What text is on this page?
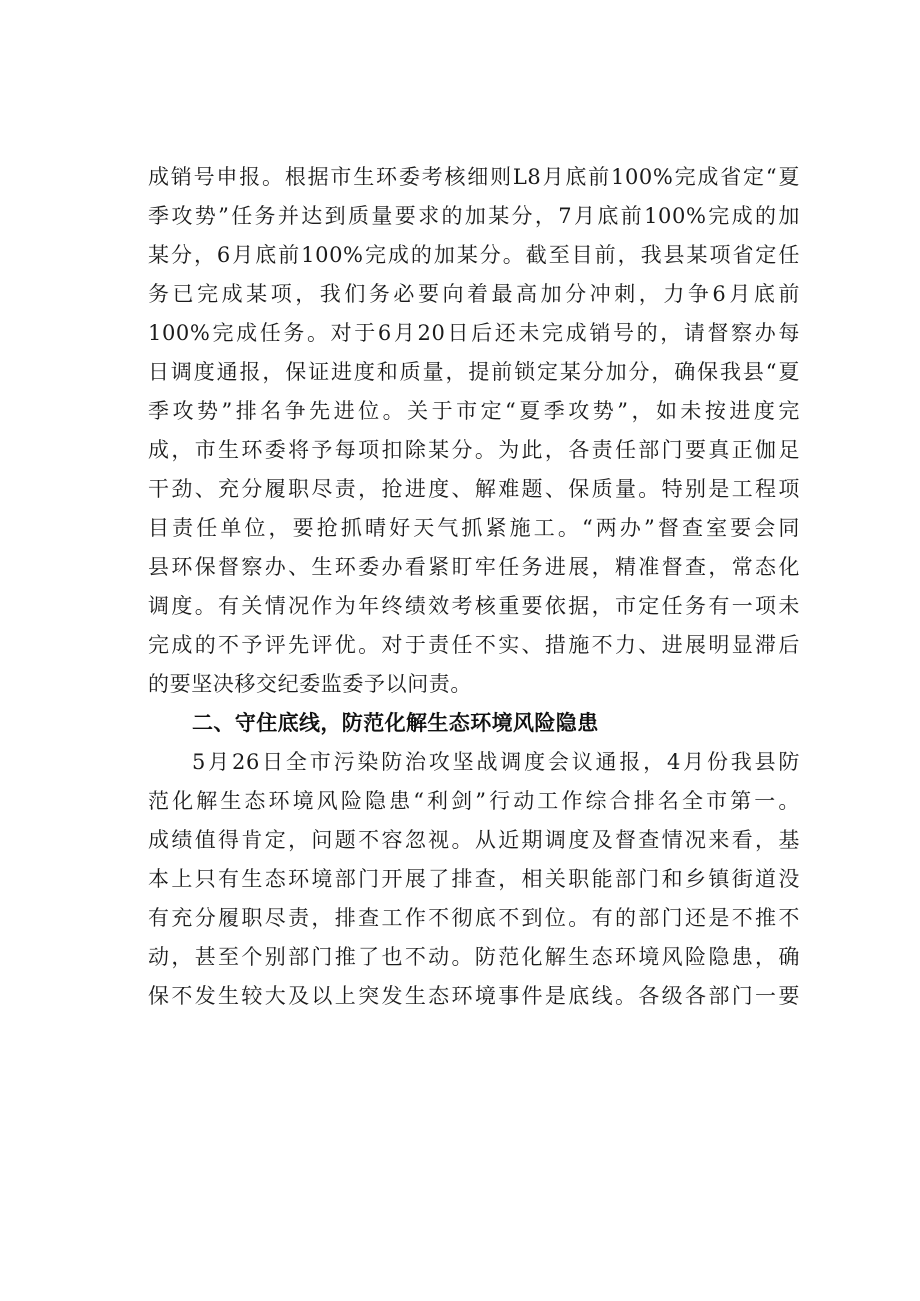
成销号申报。根据市生环委考核细则L8月底前100%完成省定“夏
季攻势”任务并达到质量要求的加某分，7月底前100%完成的加
某分，6月底前100%完成的加某分。截至目前，我县某项省定任
务已完成某项，我们务必要向着最高加分冲刺，力争6月底前
100%完成任务。对于6月20日后还未完成销号的，请督察办每
日调度通报，保证进度和质量，提前锁定某分加分，确保我县“夏
季攻势”排名争先进位。关于市定“夏季攻势”，如未按进度完
成，市生环委将予每项扣除某分。为此，各责任部门要真正伽足
干劲、充分履职尽责，抢进度、解难题、保质量。特别是工程项
目责任单位，要抢抓晴好天气抓紧施工。“两办”督查室要会同
县环保督察办、生环委办看紧盯牢任务进展，精准督查，常态化
调度。有关情况作为年终绩效考核重要依据，市定任务有一项未
完成的不予评先评优。对于责任不实、措施不力、进展明显滞后
的要坚决移交纪委监委予以问责。
二、守住底线，防范化解生态环境风险隐患
5月26日全市污染防治攻坚战调度会议通报，4月份我县防
范化解生态环境风险隐患“利剑”行动工作综合排名全市第一。
成绩值得肯定，问题不容忽视。从近期调度及督查情况来看，基
本上只有生态环境部门开展了排查，相关职能部门和乡镇街道没
有充分履职尽责，排查工作不彻底不到位。有的部门还是不推不
动，甚至个别部门推了也不动。防范化解生态环境风险隐患，确
保不发生较大及以上突发生态环境事件是底线。各级各部门一要
